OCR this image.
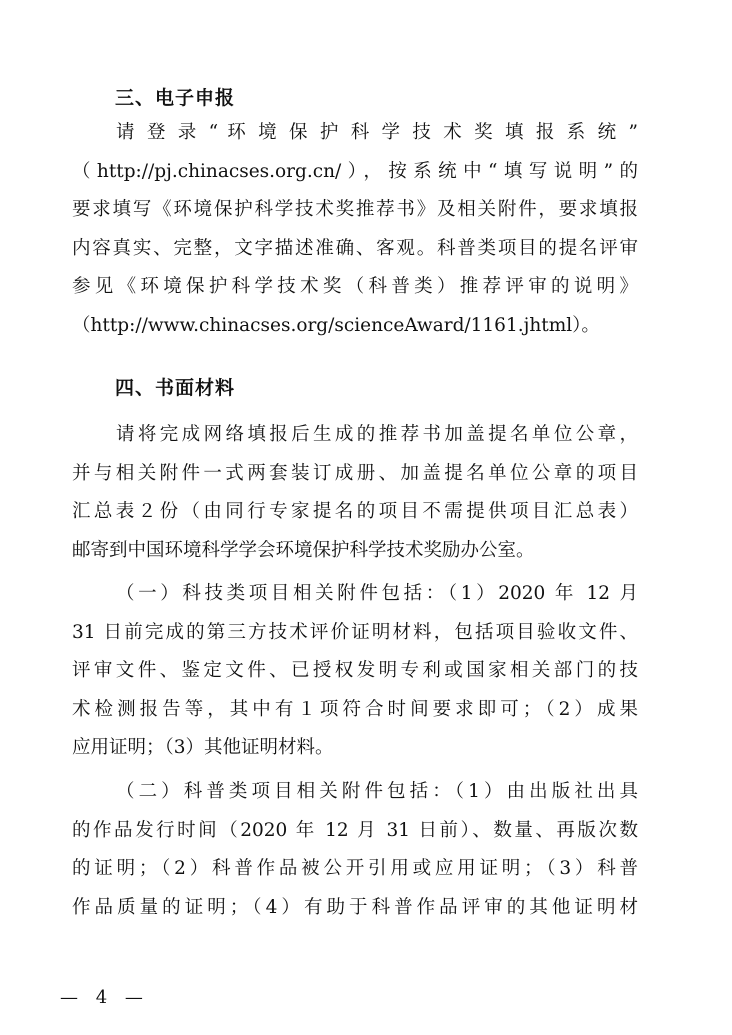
三、电子申报
请 登 录 “ 环 境 保 护 科 学 技 术 奖 填 报 系 统 ”
（http://pj.chinacses.org.cn/），按系统中“填写说明”的
要求填写《环境保护科学技术奖推荐书》及相关附件，要求填报
内容真实、完整，文字描述准确、客观。科普类项目的提名评审
参见《环境保护科学技术奖（科普类）推荐评审的说明》
（http://www.chinacses.org/scienceAward/1161.jhtml）。
四、书面材料
请将完成网络填报后生成的推荐书加盖提名单位公章，
并与相关附件一式两套装订成册、加盖提名单位公章的项目
汇总表２份（由同行专家提名的项目不需提供项目汇总表）
邮寄到中国环境科学学会环境保护科学技术奖励办公室。
（一）科技类项目相关附件包括：（1）2020 年 12 月
31 日前完成的第三方技术评价证明材料，包括项目验收文件、
评审文件、鉴定文件、已授权发明专利或国家相关部门的技
术检测报告等，其中有１项符合时间要求即可；（2）成果
应用证明；（3）其他证明材料。
（二）科普类项目相关附件包括：（1）由出版社出具
的作品发行时间（2020 年 12 月 31 日前）、数量、再版次数
的证明；（2）科普作品被公开引用或应用证明；（3）科普
作品质量的证明；（4）有助于科普作品评审的其他证明材
— 4 —
